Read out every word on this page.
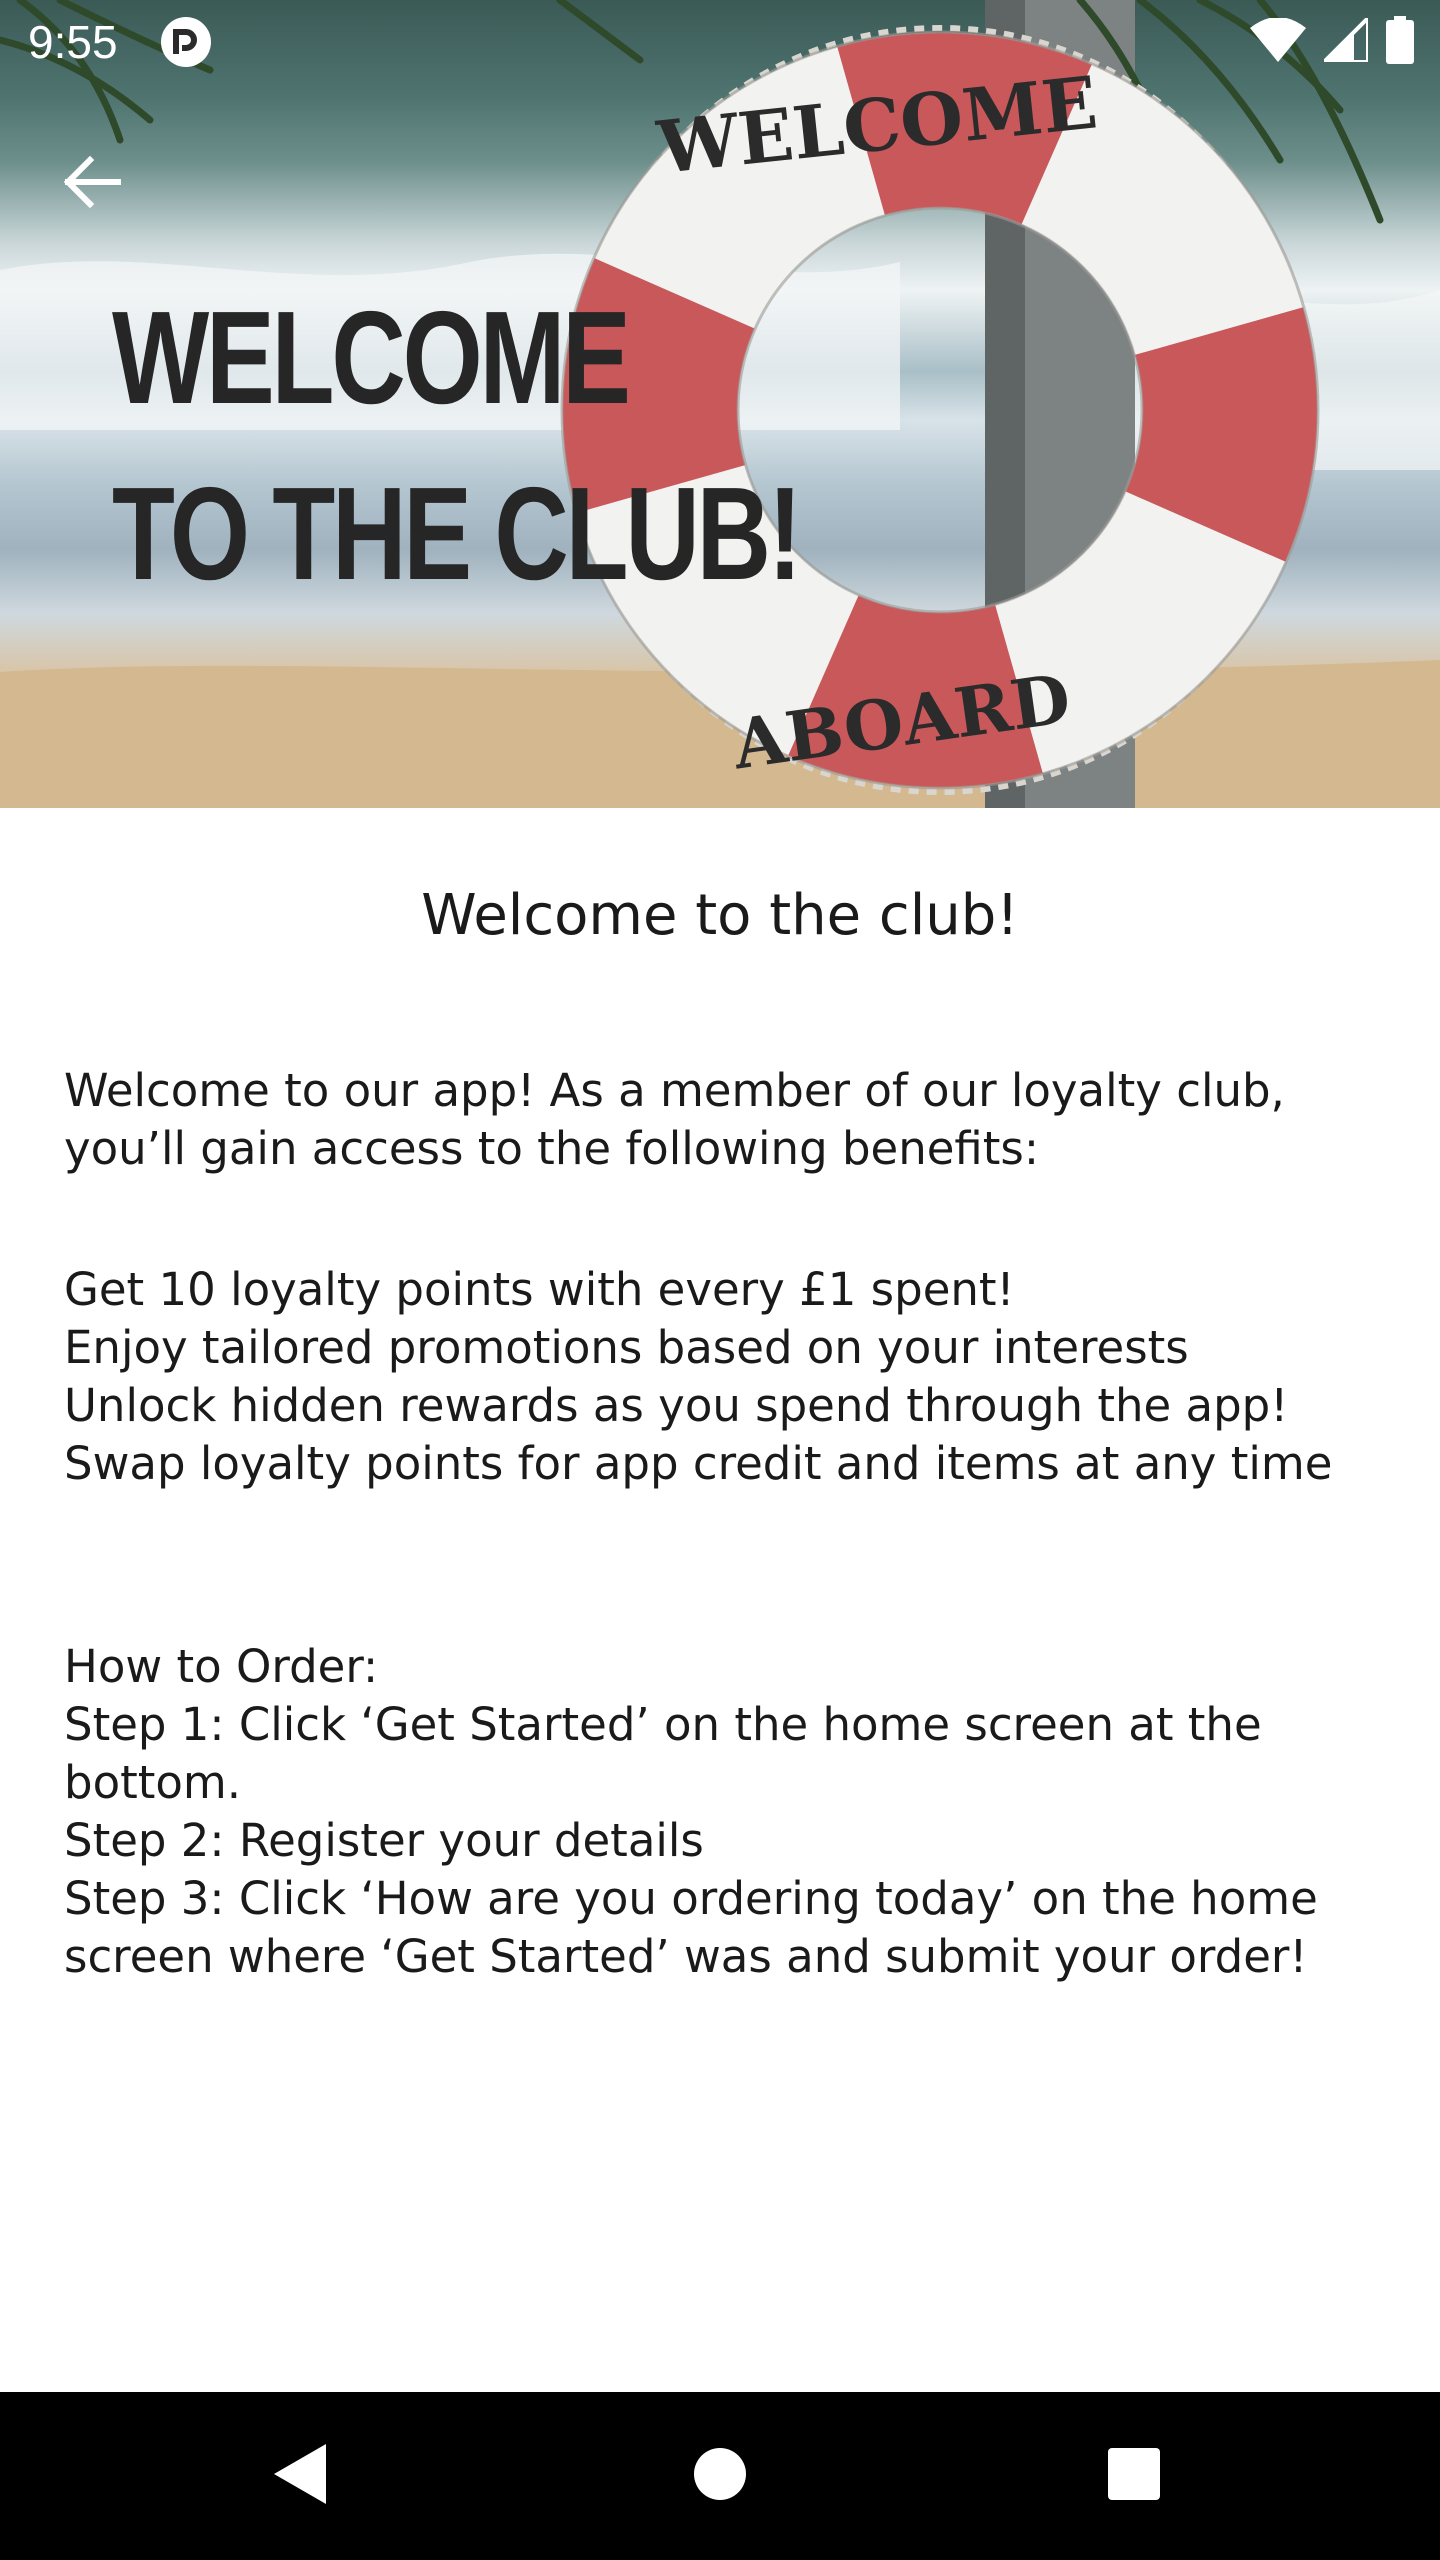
WELCOME
ABOARD
WELCOME
TO THE CLUB!
9:55
Welcome to the club!

Welcome to our app! As a member of our loyalty club, you’ll gain access to the following benefits:

Get 10 loyalty points with every £1 spent!

Enjoy tailored promotions based on your interests

Unlock hidden rewards as you spend through the app!

Swap loyalty points for app credit and items at any time

How to Order:

Step 1: Click ‘Get Started’ on the home screen at the bottom.

Step 2: Register your details

Step 3: Click ‘How are you ordering today’ on the home screen where ‘Get Started’ was and submit your order!
